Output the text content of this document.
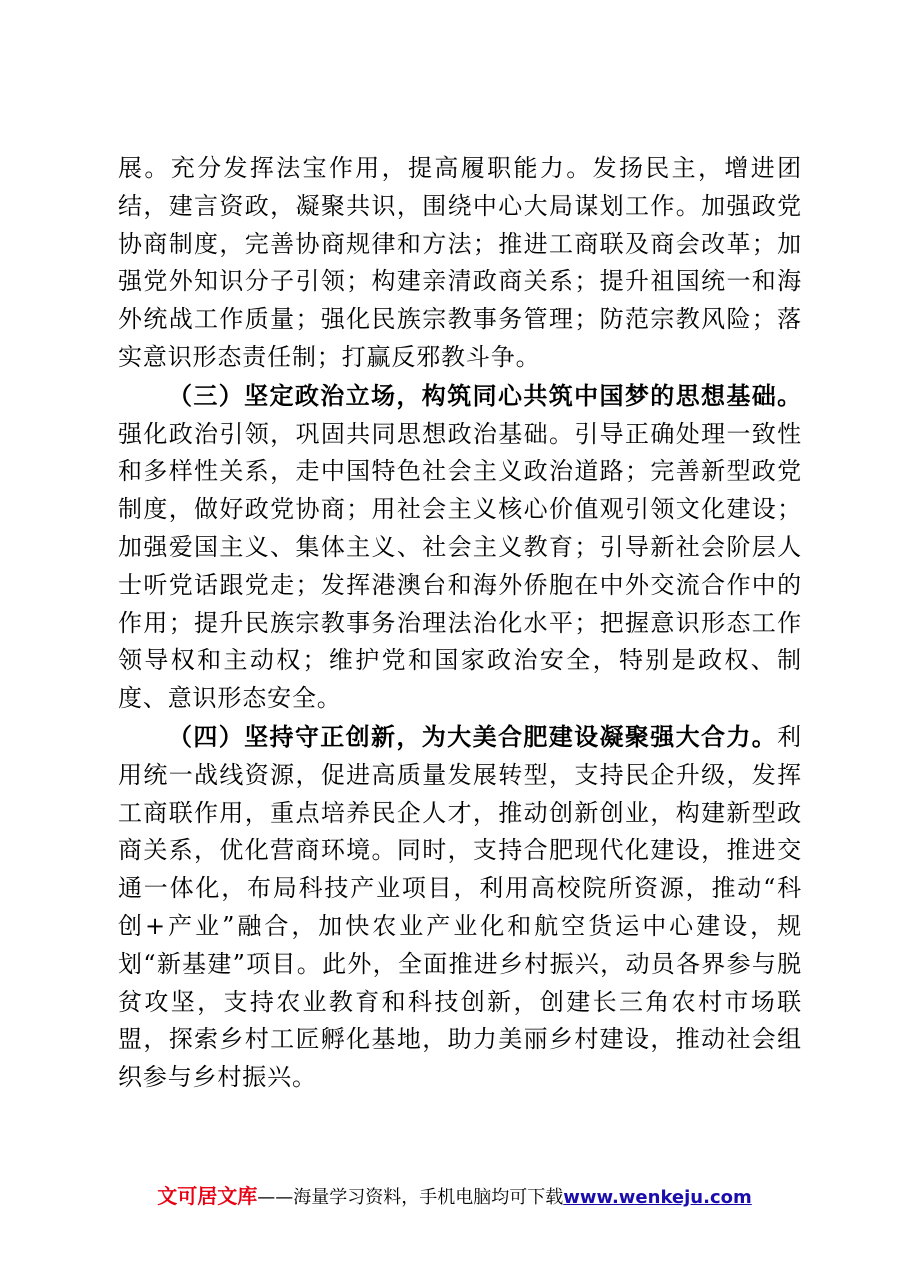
展。充分发挥法宝作用，提高履职能力。发扬民主，增进团结，建言资政，凝聚共识，围绕中心大局谋划工作。加强政党协商制度，完善协商规律和方法；推进工商联及商会改革；加强党外知识分子引领；构建亲清政商关系；提升祖国统一和海外统战工作质量；强化民族宗教事务管理；防范宗教风险；落实意识形态责任制；打赢反邪教斗争。

（三）坚定政治立场，构筑同心共筑中国梦的思想基础。强化政治引领，巩固共同思想政治基础。引导正确处理一致性和多样性关系，走中国特色社会主义政治道路；完善新型政党制度，做好政党协商；用社会主义核心价值观引领文化建设；加强爱国主义、集体主义、社会主义教育；引导新社会阶层人士听党话跟党走；发挥港澳台和海外侨胞在中外交流合作中的作用；提升民族宗教事务治理法治化水平；把握意识形态工作领导权和主动权；维护党和国家政治安全，特别是政权、制度、意识形态安全。

（四）坚持守正创新，为大美合肥建设凝聚强大合力。利用统一战线资源，促进高质量发展转型，支持民企升级，发挥工商联作用，重点培养民企人才，推动创新创业，构建新型政商关系，优化营商环境。同时，支持合肥现代化建设，推进交通一体化，布局科技产业项目，利用高校院所资源，推动“科创+产业”融合，加快农业产业化和航空货运中心建设，规划“新基建”项目。此外，全面推进乡村振兴，动员各界参与脱贫攻坚，支持农业教育和科技创新，创建长三角农村市场联盟，探索乡村工匠孵化基地，助力美丽乡村建设，推动社会组织参与乡村振兴。

文可居文库——海量学习资料，手机电脑均可下载www.wenkeju.com
